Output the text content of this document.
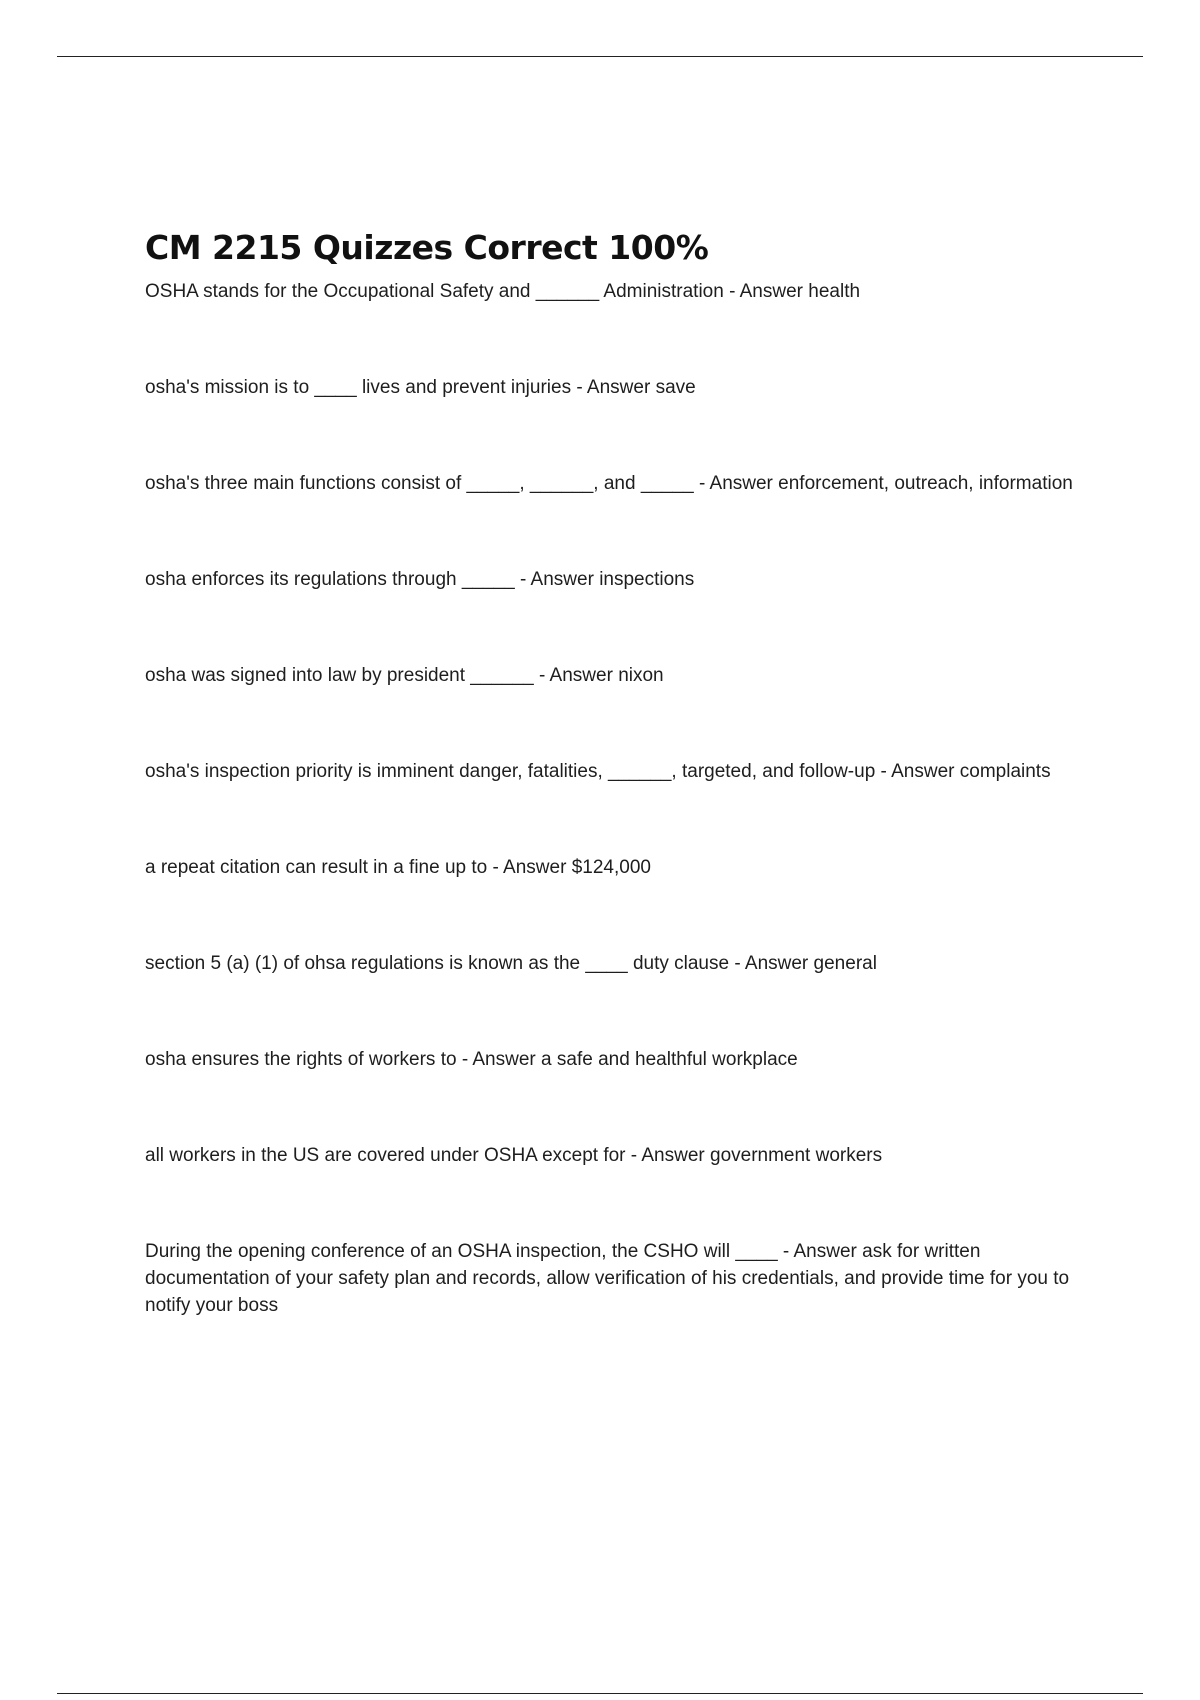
CM 2215 Quizzes Correct 100%
OSHA stands for the Occupational Safety and ______ Administration - Answer health
osha's mission is to ____ lives and prevent injuries - Answer save
osha's three main functions consist of _____, ______, and _____ - Answer enforcement, outreach, information
osha enforces its regulations through _____ - Answer inspections
osha was signed into law by president ______ - Answer nixon
osha's inspection priority is imminent danger, fatalities, ______, targeted, and follow-up - Answer complaints
a repeat citation can result in a fine up to - Answer $124,000
section 5 (a) (1) of ohsa regulations is known as the ____ duty clause - Answer general
osha ensures the rights of workers to - Answer a safe and healthful workplace
all workers in the US are covered under OSHA except for - Answer government workers
During the opening conference of an OSHA inspection, the CSHO will ____ - Answer ask for written documentation of your safety plan and records, allow verification of his credentials, and provide time for you to notify your boss
